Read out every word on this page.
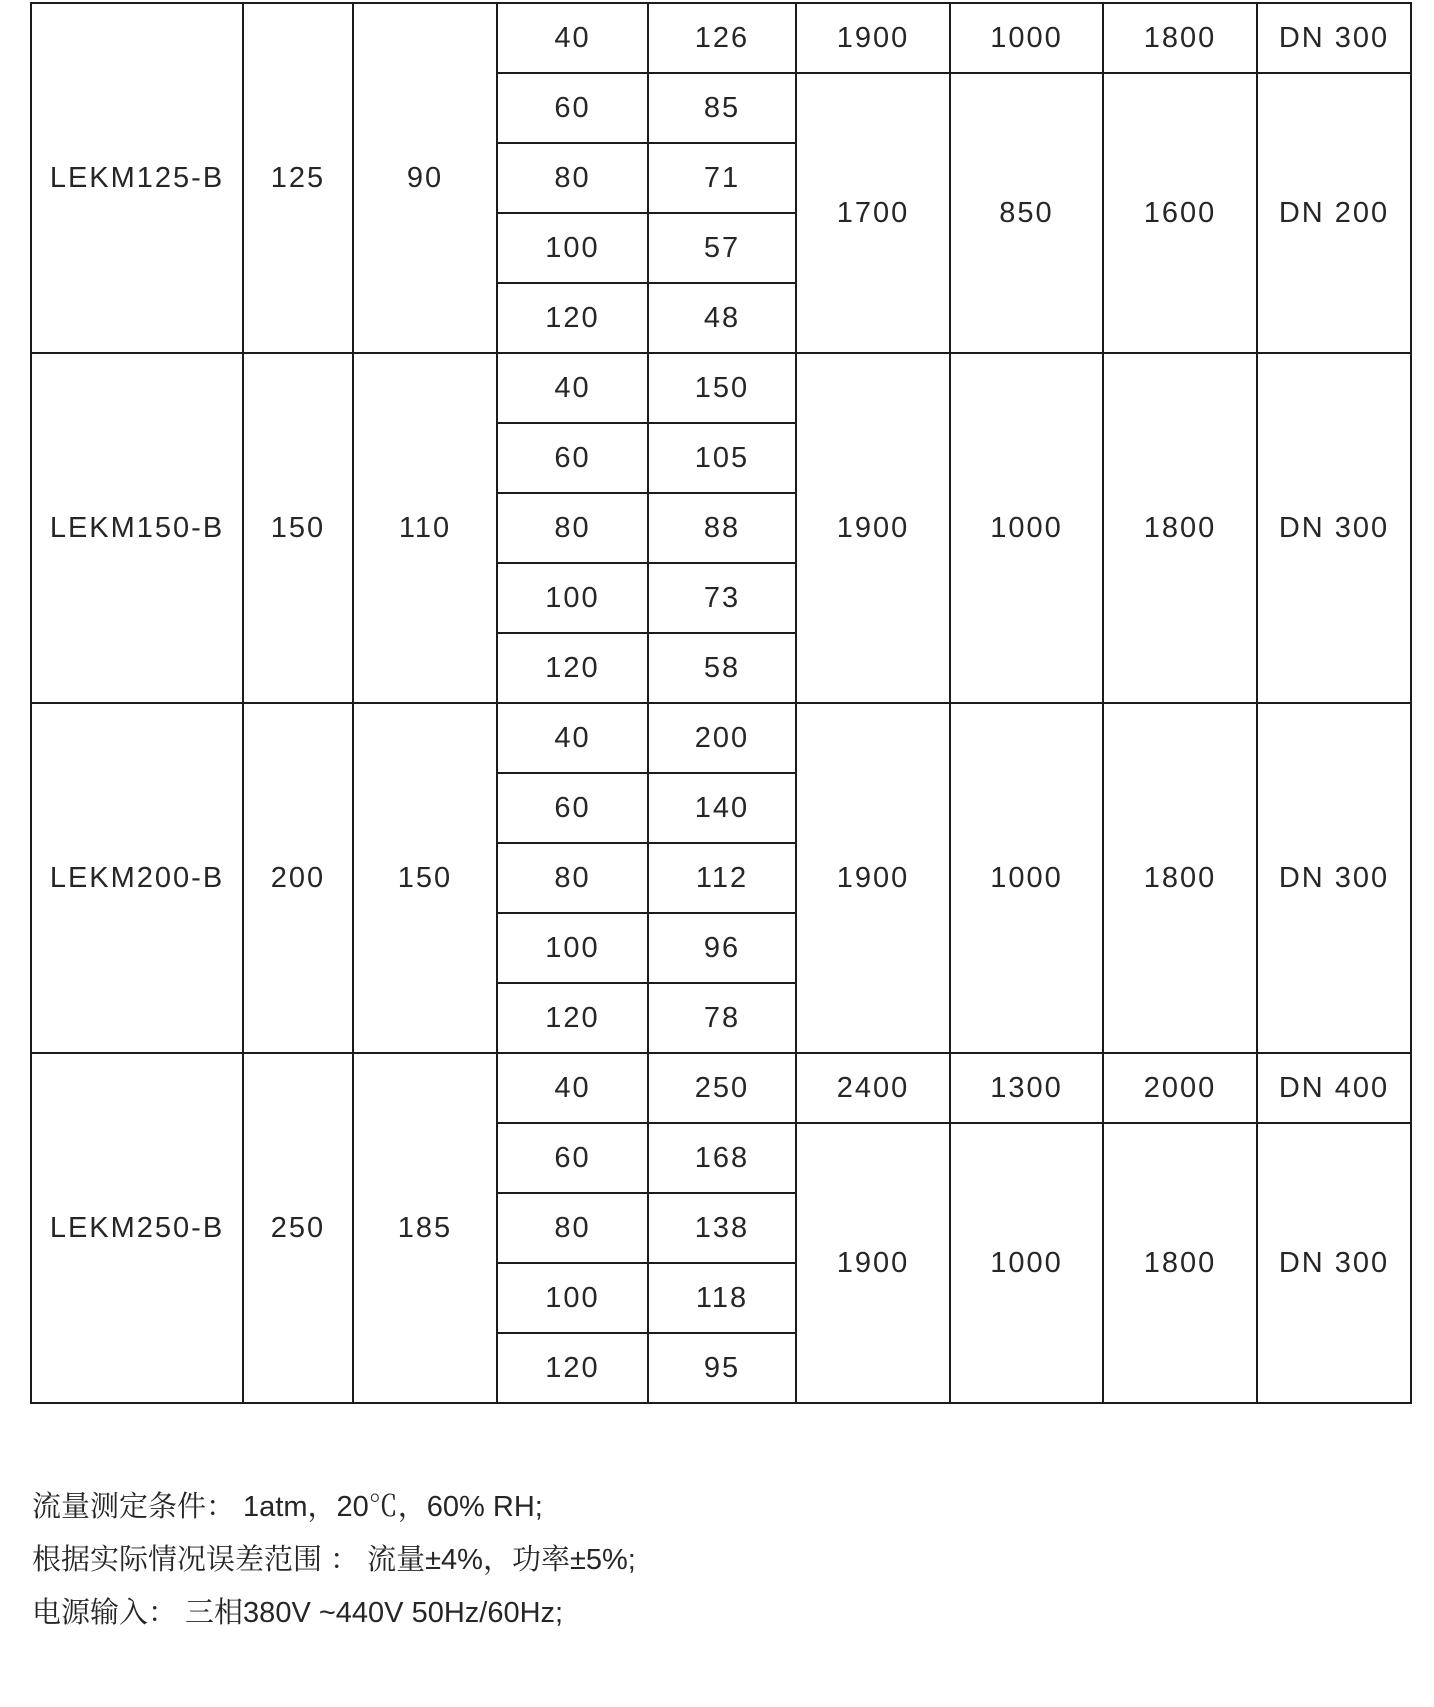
LEKM125-B	125	90	40	126	1900	1000	1800	DN 300
			60	85	1700	850	1600	DN 200
			80	71				
			100	57				
			120	48				
LEKM150-B	150	110	40	150	1900	1000	1800	DN 300
			60	105				
			80	88				
			100	73				
			120	58				
LEKM200-B	200	150	40	200	1900	1000	1800	DN 300
			60	140				
			80	112				
			100	96				
			120	78				
LEKM250-B	250	185	40	250	2400	1300	2000	DN 400
			60	168	1900	1000	1800	DN 300
			80	138				
			100	118				
			120	95				
流量测定条件： 1atm，20℃，60% RH;
根据实际情况误差范围 ： 流量±4%，功率±5%;
电源输入： 三相380V ~440V 50Hz/60Hz;
